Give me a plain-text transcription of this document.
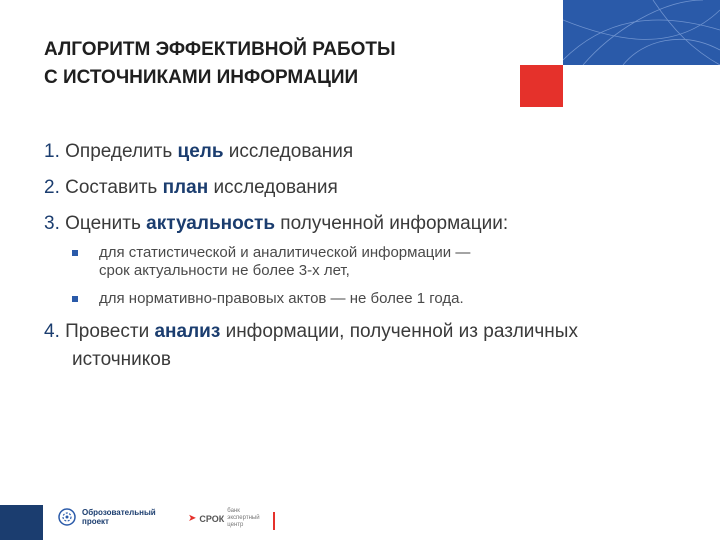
АЛГОРИТМ ЭФФЕКТИВНОЙ РАБОТЫ
С ИСТОЧНИКАМИ ИНФОРМАЦИИ
1. Определить цель исследования
2. Составить план исследования
3. Оценить актуальность полученной информации:
для статистической и аналитической информации —
срок актуальности не более 3-х лет,
для нормативно-правовых актов — не более 1 года.
4. Провести анализ информации, полученной из различных
источников
Оброзовательный
проект	➤ СРОК
банк экспертный центр
